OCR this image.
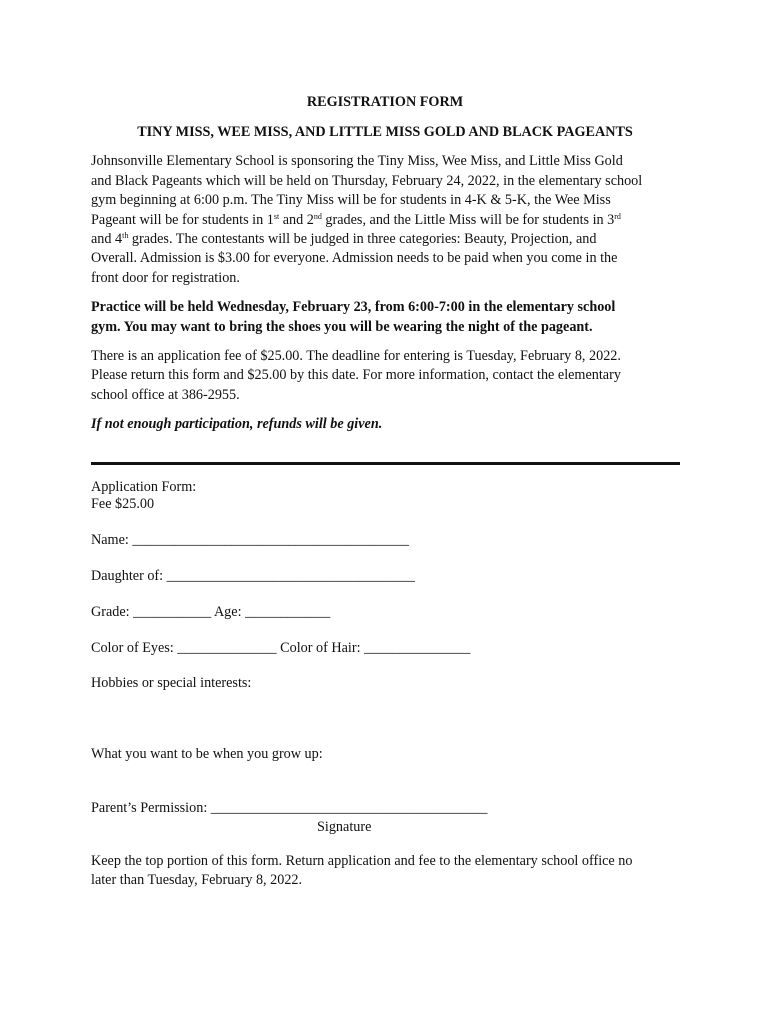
REGISTRATION FORM
TINY MISS, WEE MISS, AND LITTLE MISS GOLD AND BLACK PAGEANTS
Johnsonville Elementary School is sponsoring the Tiny Miss, Wee Miss, and Little Miss Gold
and Black Pageants which will be held on Thursday, February 24, 2022, in the elementary school
gym beginning at 6:00 p.m. The Tiny Miss will be for students in 4-K & 5-K, the Wee Miss
Pageant will be for students in 1st and 2nd grades, and the Little Miss will be for students in 3rd
and 4th grades. The contestants will be judged in three categories: Beauty, Projection, and
Overall. Admission is $3.00 for everyone. Admission needs to be paid when you come in the
front door for registration.
Practice will be held Wednesday, February 23, from 6:00-7:00 in the elementary school
gym. You may want to bring the shoes you will be wearing the night of the pageant.
There is an application fee of $25.00. The deadline for entering is Tuesday, February 8, 2022.
Please return this form and $25.00 by this date. For more information, contact the elementary
school office at 386-2955.
If not enough participation, refunds will be given.
Application Form:
Fee $25.00
Name: _______________________________________
Daughter of: ___________________________________
Grade: ___________ Age: ____________
Color of Eyes: ______________ Color of Hair: _______________
Hobbies or special interests:
What you want to be when you grow up:
Parent’s Permission: _______________________________________
Signature
Keep the top portion of this form. Return application and fee to the elementary school office no
later than Tuesday, February 8, 2022.
